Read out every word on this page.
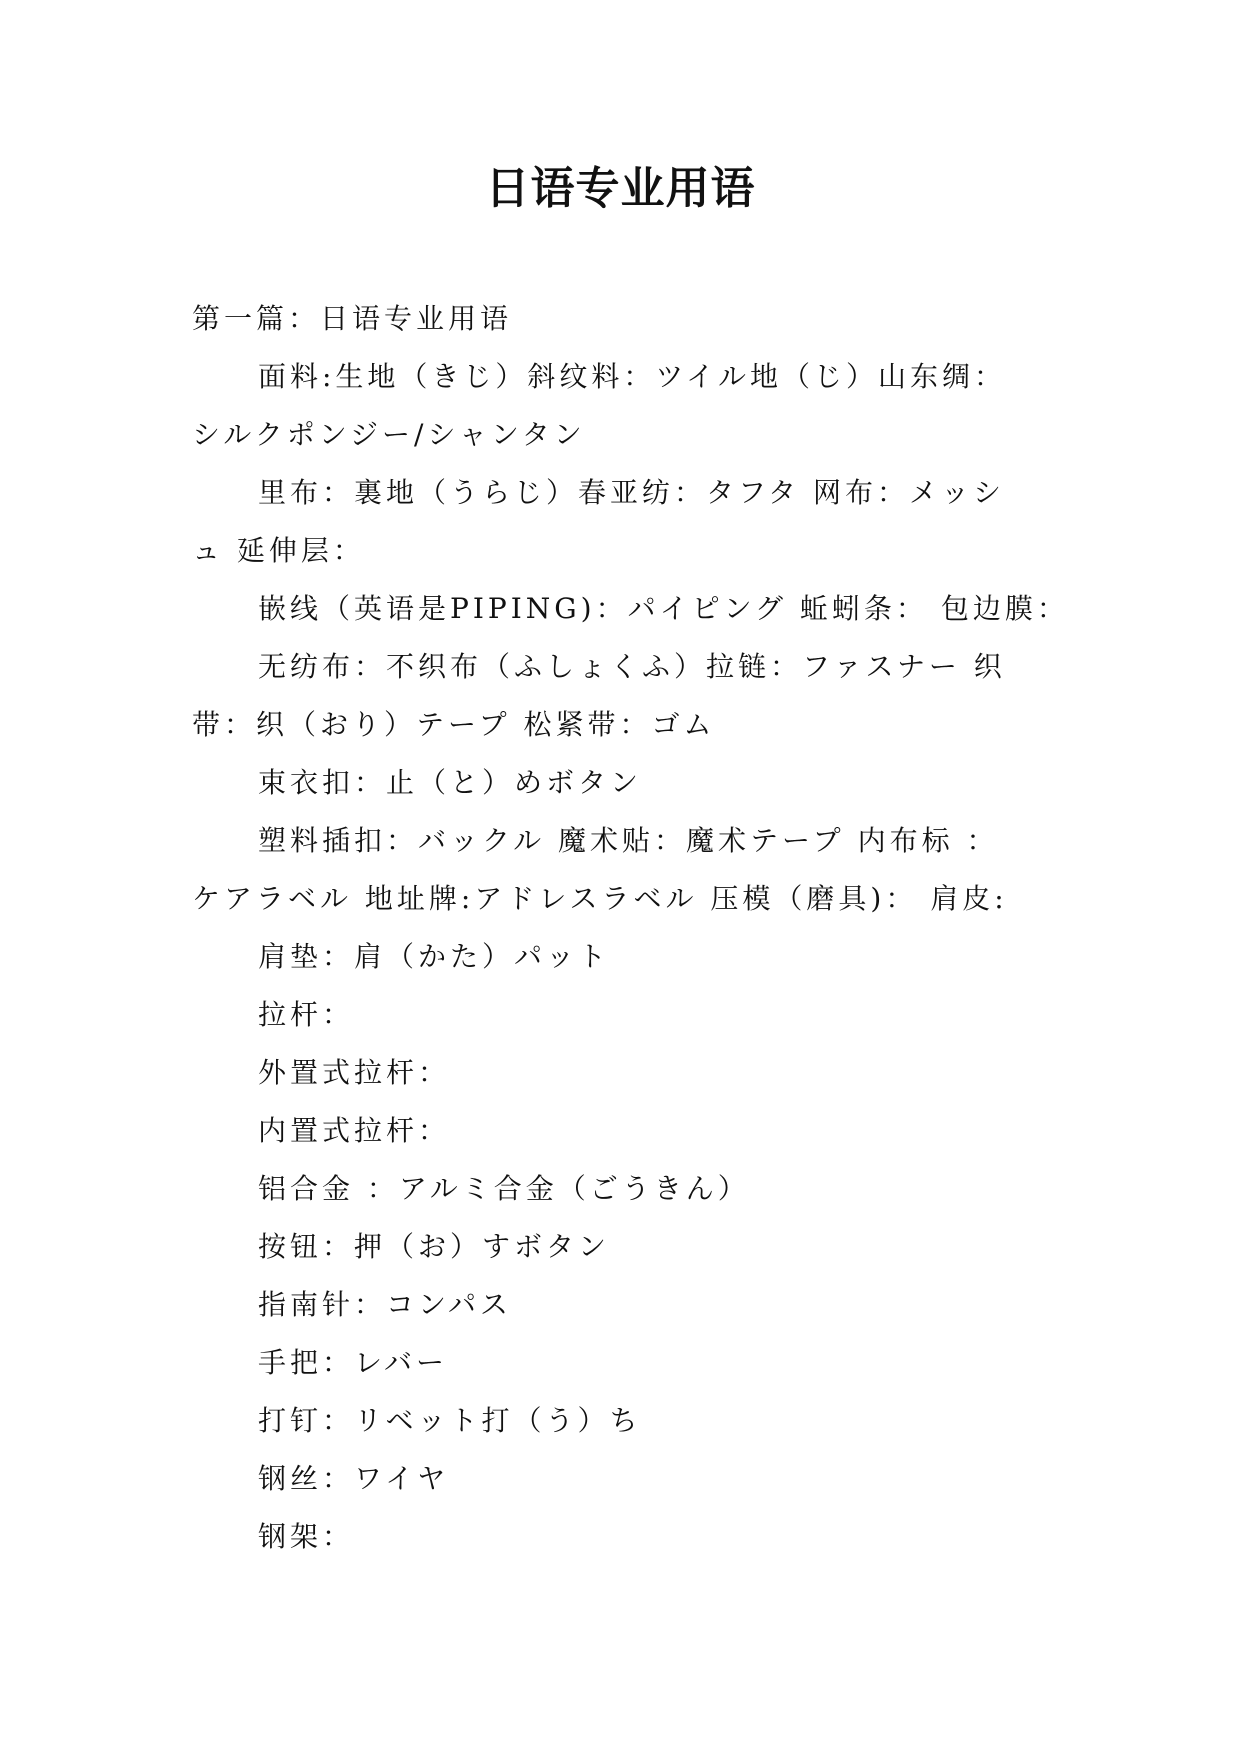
日语专业用语
第一篇：日语专业用语
面料:生地（きじ）斜纹料：ツイル地（じ）山东绸：
シルクポンジー/シャンタン
里布：裏地（うらじ）春亚纺：タフタ 网布：メッシ
ュ 延伸层：
嵌线（英语是PIPING)：パイピング 蚯蚓条： 包边膜：
无纺布：不织布（ふしょくふ）拉链：ファスナー 织
带：织（おり）テープ 松紧带：ゴム
束衣扣：止（と）めボタン
塑料插扣：バックル 魔术贴：魔术テープ 内布标 ：
ケアラベル 地址牌:アドレスラベル 压模（磨具)： 肩皮:
肩垫：肩（かた）パット
拉杆：
外置式拉杆：
内置式拉杆：
铝合金 ：アルミ合金（ごうきん）
按钮：押（お）すボタン
指南针：コンパス
手把：レバー
打钉：リベット打（う）ち
钢丝：ワイヤ
钢架：
